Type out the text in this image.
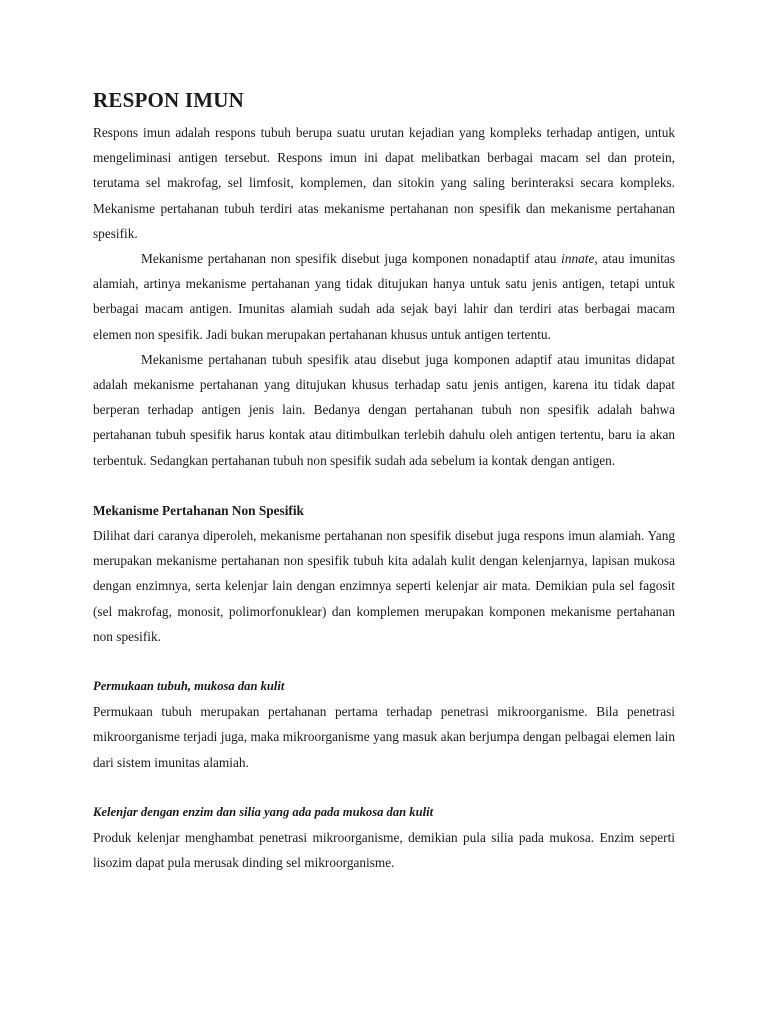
RESPON IMUN

Respons imun adalah respons tubuh berupa suatu urutan kejadian yang kompleks terhadap antigen, untuk mengeliminasi antigen tersebut. Respons imun ini dapat melibatkan berbagai macam sel dan protein, terutama sel makrofag, sel limfosit, komplemen, dan sitokin yang saling berinteraksi secara kompleks. Mekanisme pertahanan tubuh terdiri atas mekanisme pertahanan non spesifik dan mekanisme pertahanan spesifik.

Mekanisme pertahanan non spesifik disebut juga komponen nonadaptif atau innate, atau imunitas alamiah, artinya mekanisme pertahanan yang tidak ditujukan hanya untuk satu jenis antigen, tetapi untuk berbagai macam antigen. Imunitas alamiah sudah ada sejak bayi lahir dan terdiri atas berbagai macam elemen non spesifik. Jadi bukan merupakan pertahanan khusus untuk antigen tertentu.

Mekanisme pertahanan tubuh spesifik atau disebut juga komponen adaptif atau imunitas didapat adalah mekanisme pertahanan yang ditujukan khusus terhadap satu jenis antigen, karena itu tidak dapat berperan terhadap antigen jenis lain. Bedanya dengan pertahanan tubuh non spesifik adalah bahwa pertahanan tubuh spesifik harus kontak atau ditimbulkan terlebih dahulu oleh antigen tertentu, baru ia akan terbentuk. Sedangkan pertahanan tubuh non spesifik sudah ada sebelum ia kontak dengan antigen.

Mekanisme Pertahanan Non Spesifik

Dilihat dari caranya diperoleh, mekanisme pertahanan non spesifik disebut juga respons imun alamiah. Yang merupakan mekanisme pertahanan non spesifik tubuh kita adalah kulit dengan kelenjarnya, lapisan mukosa dengan enzimnya, serta kelenjar lain dengan enzimnya seperti kelenjar air mata. Demikian pula sel fagosit (sel makrofag, monosit, polimorfonuklear) dan komplemen merupakan komponen mekanisme pertahanan non spesifik.

Permukaan tubuh, mukosa dan kulit

Permukaan tubuh merupakan pertahanan pertama terhadap penetrasi mikroorganisme. Bila penetrasi mikroorganisme terjadi juga, maka mikroorganisme yang masuk akan berjumpa dengan pelbagai elemen lain dari sistem imunitas alamiah.

Kelenjar dengan enzim dan silia yang ada pada mukosa dan kulit

Produk kelenjar menghambat penetrasi mikroorganisme, demikian pula silia pada mukosa. Enzim seperti lisozim dapat pula merusak dinding sel mikroorganisme.
